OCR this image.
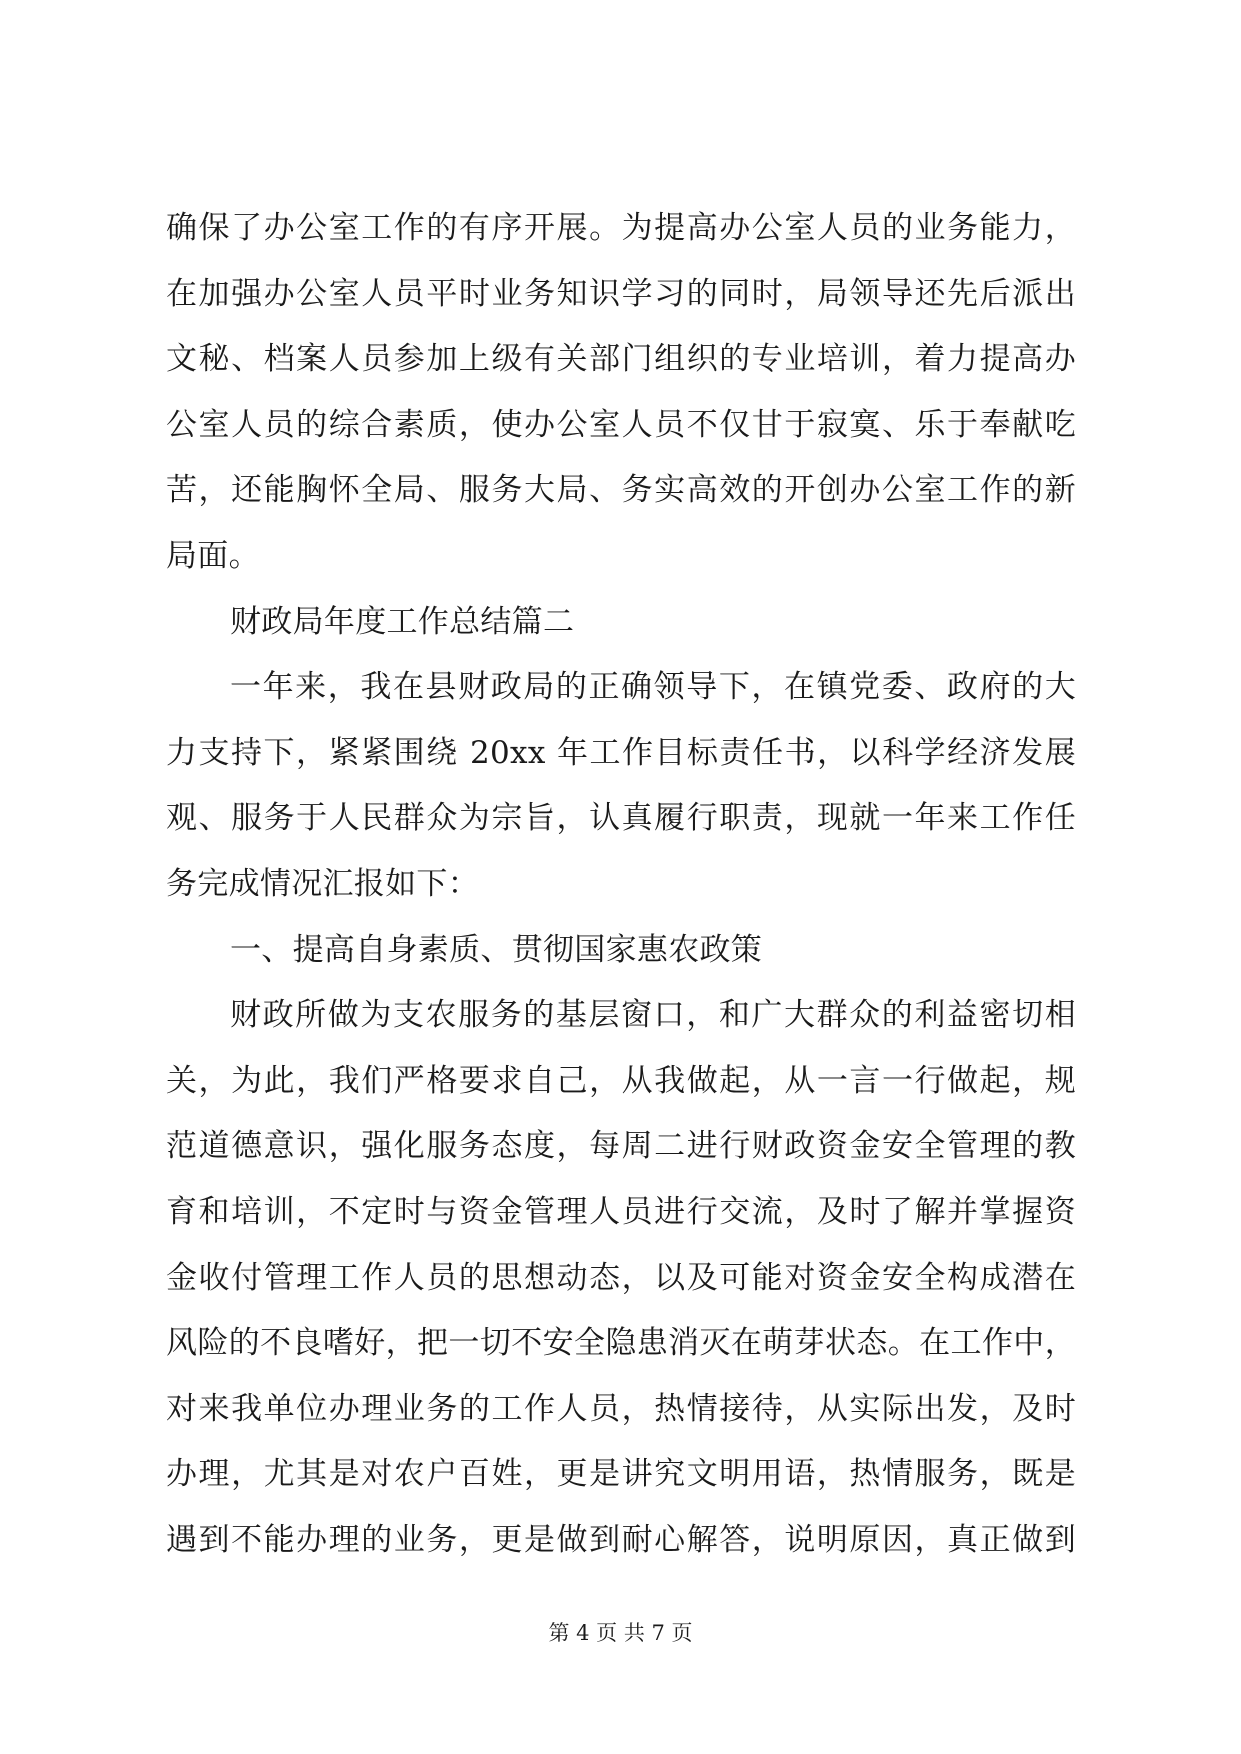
确保了办公室工作的有序开展。为提高办公室人员的业务能力，
在加强办公室人员平时业务知识学习的同时，局领导还先后派出
文秘、档案人员参加上级有关部门组织的专业培训，着力提高办
公室人员的综合素质，使办公室人员不仅甘于寂寞、乐于奉献吃
苦，还能胸怀全局、服务大局、务实高效的开创办公室工作的新
局面。
财政局年度工作总结篇二
一年来，我在县财政局的正确领导下，在镇党委、政府的大
力支持下，紧紧围绕 20xx 年工作目标责任书，以科学经济发展
观、服务于人民群众为宗旨，认真履行职责，现就一年来工作任
务完成情况汇报如下：
一、提高自身素质、贯彻国家惠农政策
财政所做为支农服务的基层窗口，和广大群众的利益密切相
关，为此，我们严格要求自己，从我做起，从一言一行做起，规
范道德意识，强化服务态度，每周二进行财政资金安全管理的教
育和培训，不定时与资金管理人员进行交流，及时了解并掌握资
金收付管理工作人员的思想动态，以及可能对资金安全构成潜在
风险的不良嗜好，把一切不安全隐患消灭在萌芽状态。在工作中，
对来我单位办理业务的工作人员，热情接待，从实际出发，及时
办理，尤其是对农户百姓，更是讲究文明用语，热情服务，既是
遇到不能办理的业务，更是做到耐心解答，说明原因，真正做到
第 4 页 共 7 页
